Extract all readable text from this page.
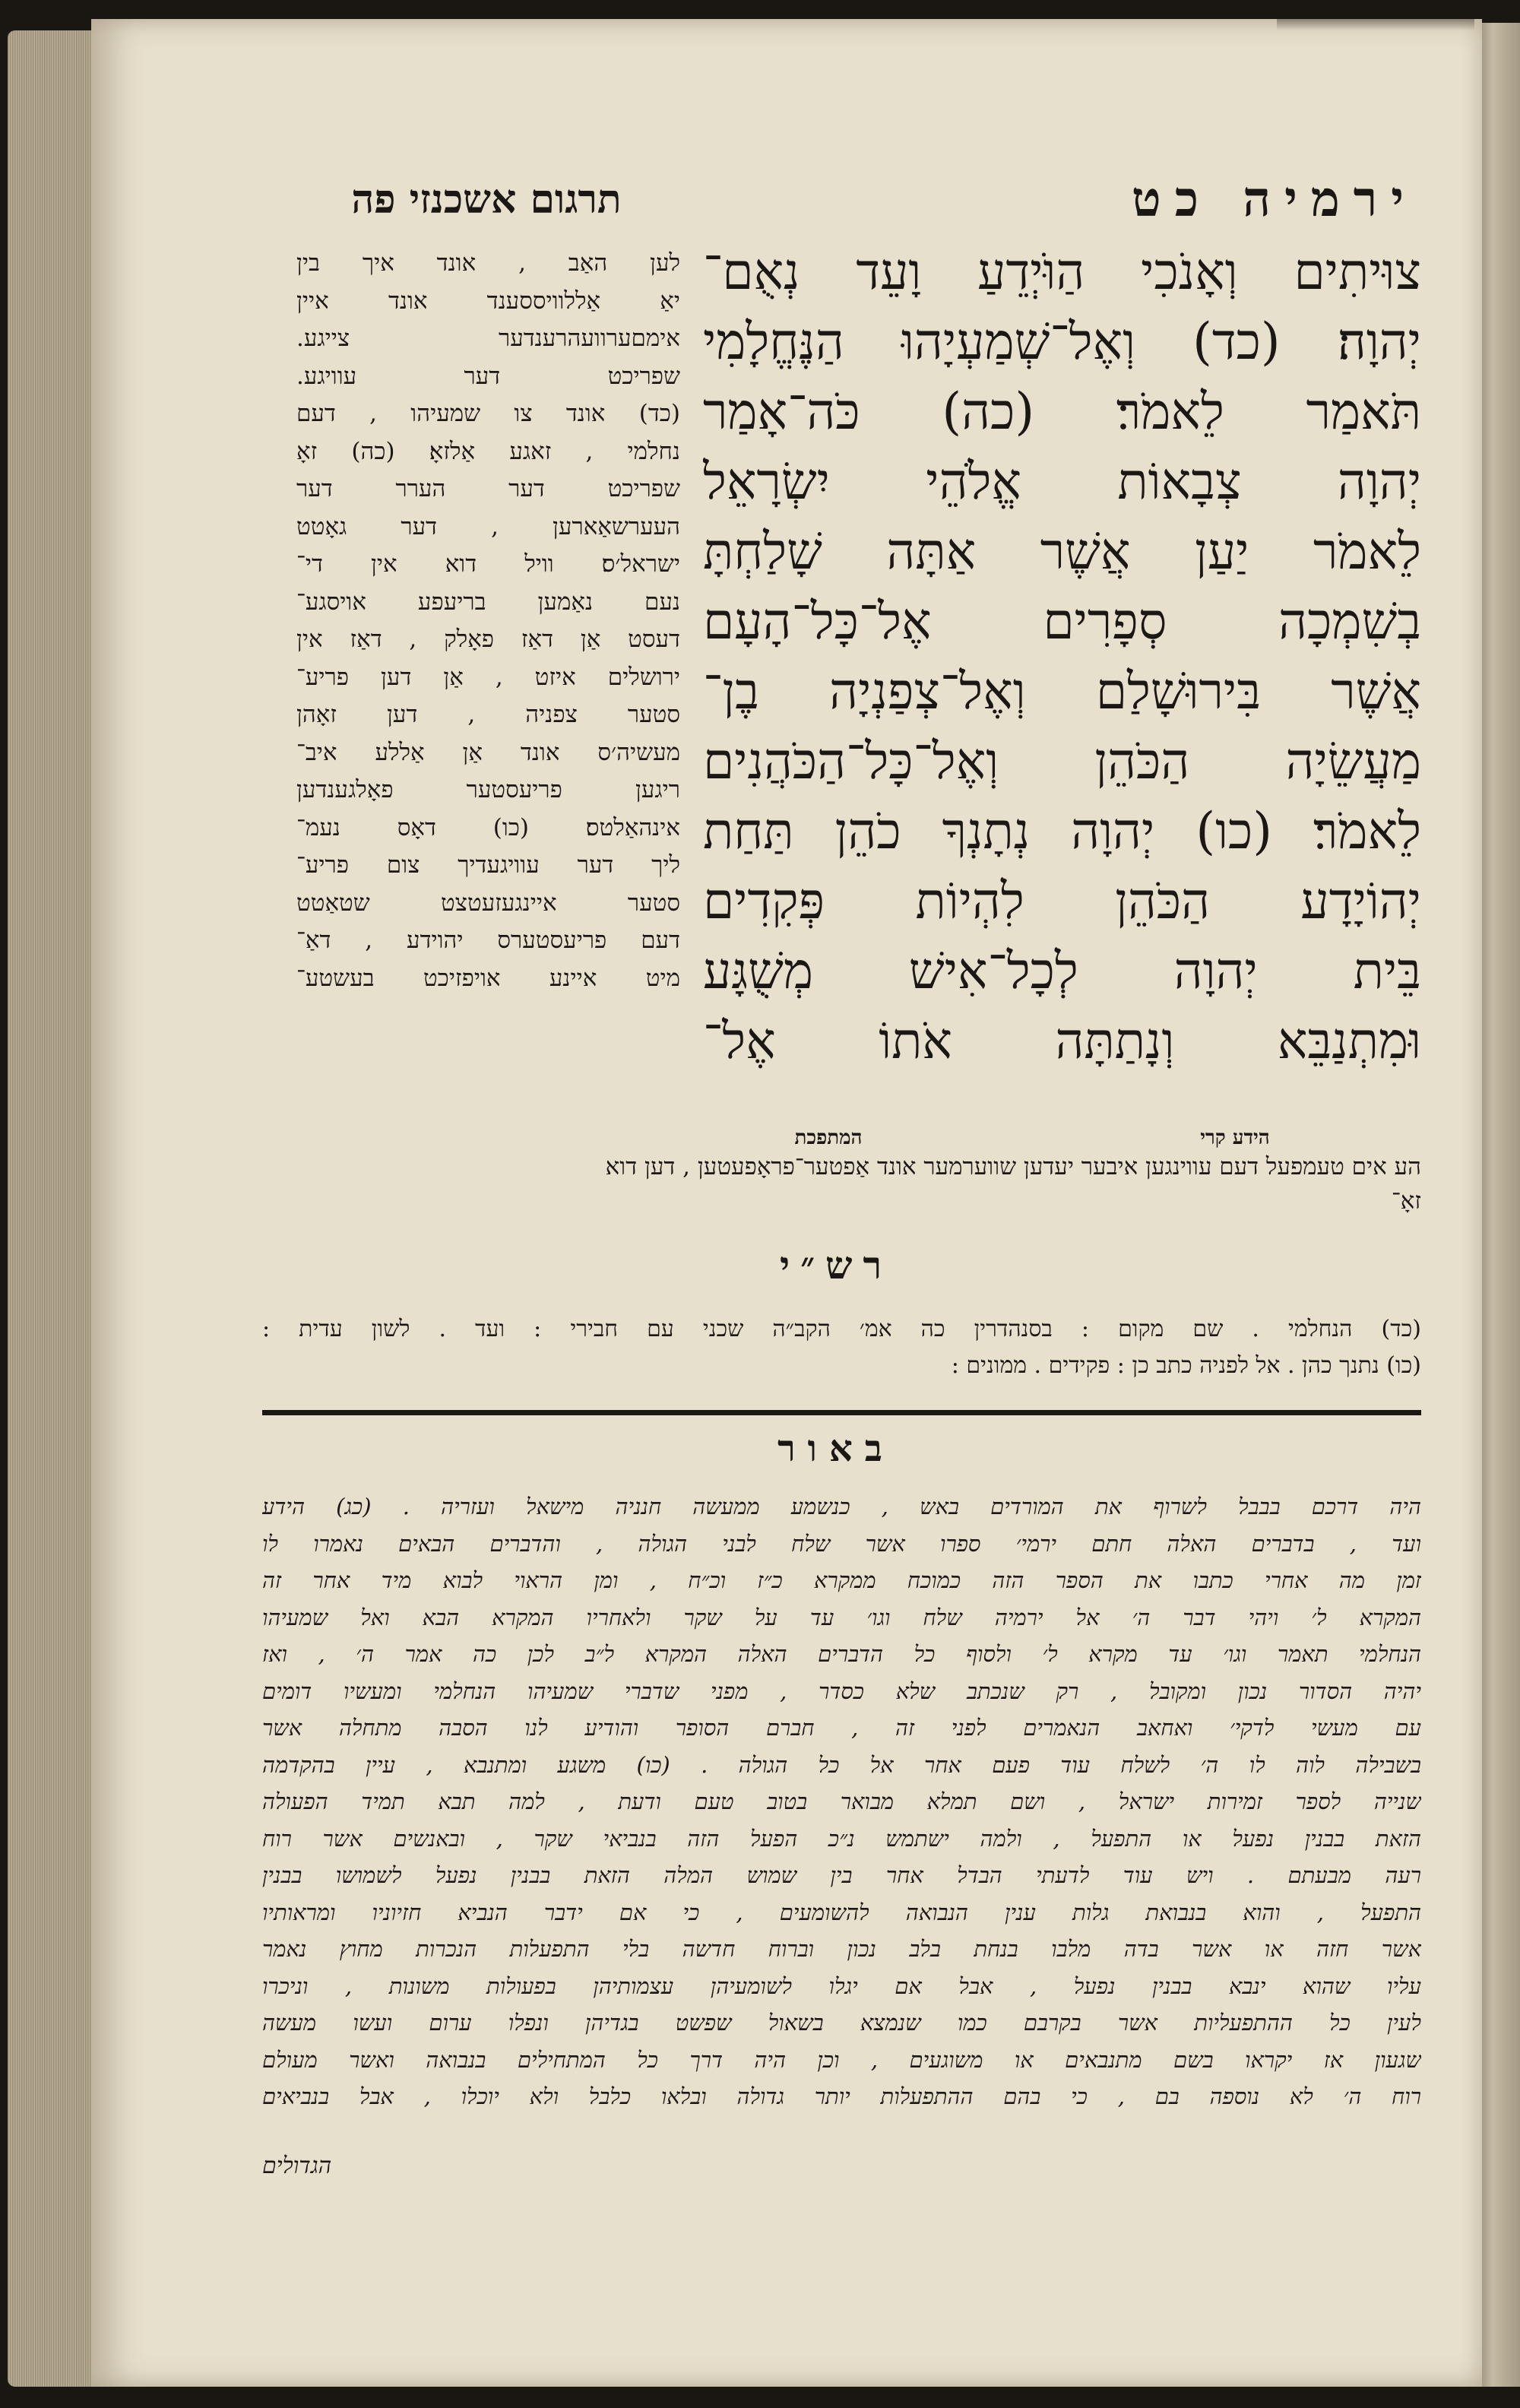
ירמיה כט
תרגום אשכנזי פה
צוּיתִים וְאָנֹכִי הַוֹּיְדֵעַ וָעֵד נְאֻם־
יְהוָה׃ (כד) וְאֶל־שְׁמַעְיָהוּ הַנֶּחֱלָמִי
תֹּאמַר לֵאמֹר׃ (כה) כֹּה־אָמַר
יְהוָה צְבָאוֹת אֱלֹהֵי יִשְׂרָאֵל
לֵאמֹר יַעַן אֲשֶׁר אַתָּה שָׁלַחְתָּ
בְשִׁמְכָה סְפָרִים אֶל־כָּל־הָעָם
אֲשֶׁר בִּירוּשָׁלַם וְאֶל־צְפַנְיָה בֶן־
מַעֲשֵׂיָה הַכֹּהֵן וְאֶל־כָּל־הַכֹּהֲנִים
לֵאמֹר׃ (כו) יְהוָה נְתָנְךָ כֹהֵן תַּחַת
יְהוֹיָדָע הַכֹּהֵן לִהְיוֹת פְּקִדִים
בֵּית יְהוָה לְכָל־אִישׁ מְשֻׁגָּע
וּמִתְנַבֵּא וְנָתַתָּה אֹתוֹ אֶל־
לען האַב , אונד איך בין
יאַ אַללוויססענד אונד איין
אימםערוועהרענדער צייגע.
שפריכט דער עוויגע.
(כד) אונד צו שמעיהו , דעם
נחלמי , זאגע אַלזאָ׃ (כה) זאָ
שפריכט דער הערר דער
העערשאַארען , דער גאָטט
ישראל׳ס׃ וויל דוא אין די־
נעם נאַמען בריעפע אויסגע־
דעסט אַן דאַז פאָלק , דאַז אין
ירושלים איזט , אַן דען פריע־
סטער צפניה , דען זאָהן
מעשיה׳ס אונד אַן אַללע איב־
ריגען פריעסטער פאָלגענדען
אינהאַלטס׃ (כו) דאָס נעמ־
ליך דער עוויגעדיך צום פריע־
סטער איינגעזעטצט שטאַטט
דעם פריעסטערס יהוידע , דאַ־
מיט איינע אויפזיכט בעשטע־
המתפכת	הידע קרי
הע אים טעמפעל דעם עווינגען איבער יעדען שווערמער אונד אַפטער־פראָפעטען , דען דוא
זאָ־
רש״י
(כד) הנחלמי . שם מקום : בסנהדרין כה אמ׳ הקב״ה שכני עם חבירי : ועד . לשון עדית :
(כו) נתנך כהן . אל לפניה כתב כן : פקידים . ממונים :
באור
היה דרכם בבבל לשרוף את המורדים באש , כנשמע ממעשה חנניה מישאל ועזריה . (כג) הידע
ועד , בדברים האלה חתם ירמי׳ ספרו אשר שלח לבני הגולה , והדברים הבאים נאמרו לו
זמן מה אחרי כתבו את הספר הזה כמוכח ממקרא כ״ז וכ״ח , ומן הראוי לבוא מיד אחר זה
המקרא ל׳ ויהי דבר ה׳ אל ירמיה שלח וגו׳ עד על שקר ולאחריו המקרא הבא ואל שמעיהו
הנחלמי תאמר וגו׳ עד מקרא ל׳ ולסוף כל הדברים האלה המקרא ל״ב לכן כה אמר ה׳ , ואז
יהיה הסדור נכון ומקובל , רק שנכתב שלא כסדר , מפני שדברי שמעיהו הנחלמי ומעשיו דומים
עם מעשי לדקי׳ ואחאב הנאמרים לפני זה , חברם הסופר והודיע לנו הסבה מתחלה אשר
בשבילה לוה לו ה׳ לשלח עוד פעם אחר אל כל הגולה . (כו) משגע ומתנבא , עיין בהקדמה
שנייה לספר זמירות ישראל , ושם תמלא מבואר בטוב טעם ודעת , למה תבא תמיד הפעולה
הזאת בבנין נפעל או התפעל , ולמה ישתמש נ״כ הפעל הזה בנביאי שקר , ובאנשים אשר רוח
רעה מבעתם . ויש עוד לדעתי הבדל אחר בין שמוש המלה הזאת בבנין נפעל לשמושו בבנין
התפעל , והוא בנבואת גלות ענין הנבואה להשומעים , כי אם ידבר הנביא חזיוניו ומראותיו
אשר חזה או אשר בדה מלבו בנחת בלב נכון וברוח חדשה בלי התפעלות הנכרות מחוץ נאמר
עליו שהוא ינבא בבנין נפעל , אבל אם יגלו לשומעיהן עצמותיהן בפעולות משונות , וניכרו
לעין כל ההתפעליות אשר בקרבם כמו שנמצא בשאול שפשט בגדיהן ונפלו ערום ועשו מעשה
שגעון אז יקראו בשם מתנבאים או משוגעים , וכן היה דרך כל המתחילים בנבואה ואשר מעולם
רוח ה׳ לא נוספה בם , כי בהם ההתפעלות יותר גדולה ובלאו כלבל ולא יוכלו , אבל בנביאים
הגדולים
